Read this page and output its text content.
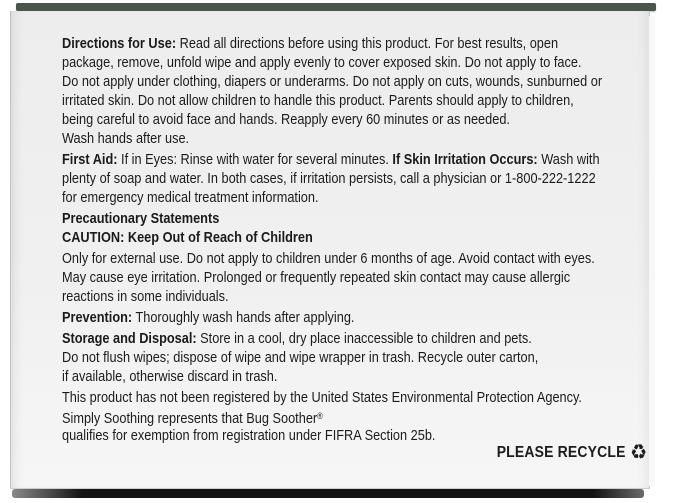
Directions for Use: Read all directions before using this product. For best results, open
package, remove, unfold wipe and apply evenly to cover exposed skin. Do not apply to face.
Do not apply under clothing, diapers or underarms. Do not apply on cuts, wounds, sunburned or
irritated skin. Do not allow children to handle this product. Parents should apply to children,
being careful to avoid face and hands. Reapply every 60 minutes or as needed.
Wash hands after use.
First Aid: If in Eyes: Rinse with water for several minutes. If Skin Irritation Occurs: Wash with
plenty of soap and water. In both cases, if irritation persists, call a physician or 1-800-222-1222
for emergency medical treatment information.
Precautionary Statements
CAUTION: Keep Out of Reach of Children
Only for external use. Do not apply to children under 6 months of age. Avoid contact with eyes.
May cause eye irritation. Prolonged or frequently repeated skin contact may cause allergic
reactions in some individuals.
Prevention: Thoroughly wash hands after applying.
Storage and Disposal: Store in a cool, dry place inaccessible to children and pets.
Do not flush wipes; dispose of wipe and wipe wrapper in trash. Recycle outer carton,
if available, otherwise discard in trash.
This product has not been registered by the United States Environmental Protection Agency.
Simply Soothing represents that Bug Soother®
qualifies for exemption from registration under FIFRA Section 25b.
PLEASE RECYCLE ♻
